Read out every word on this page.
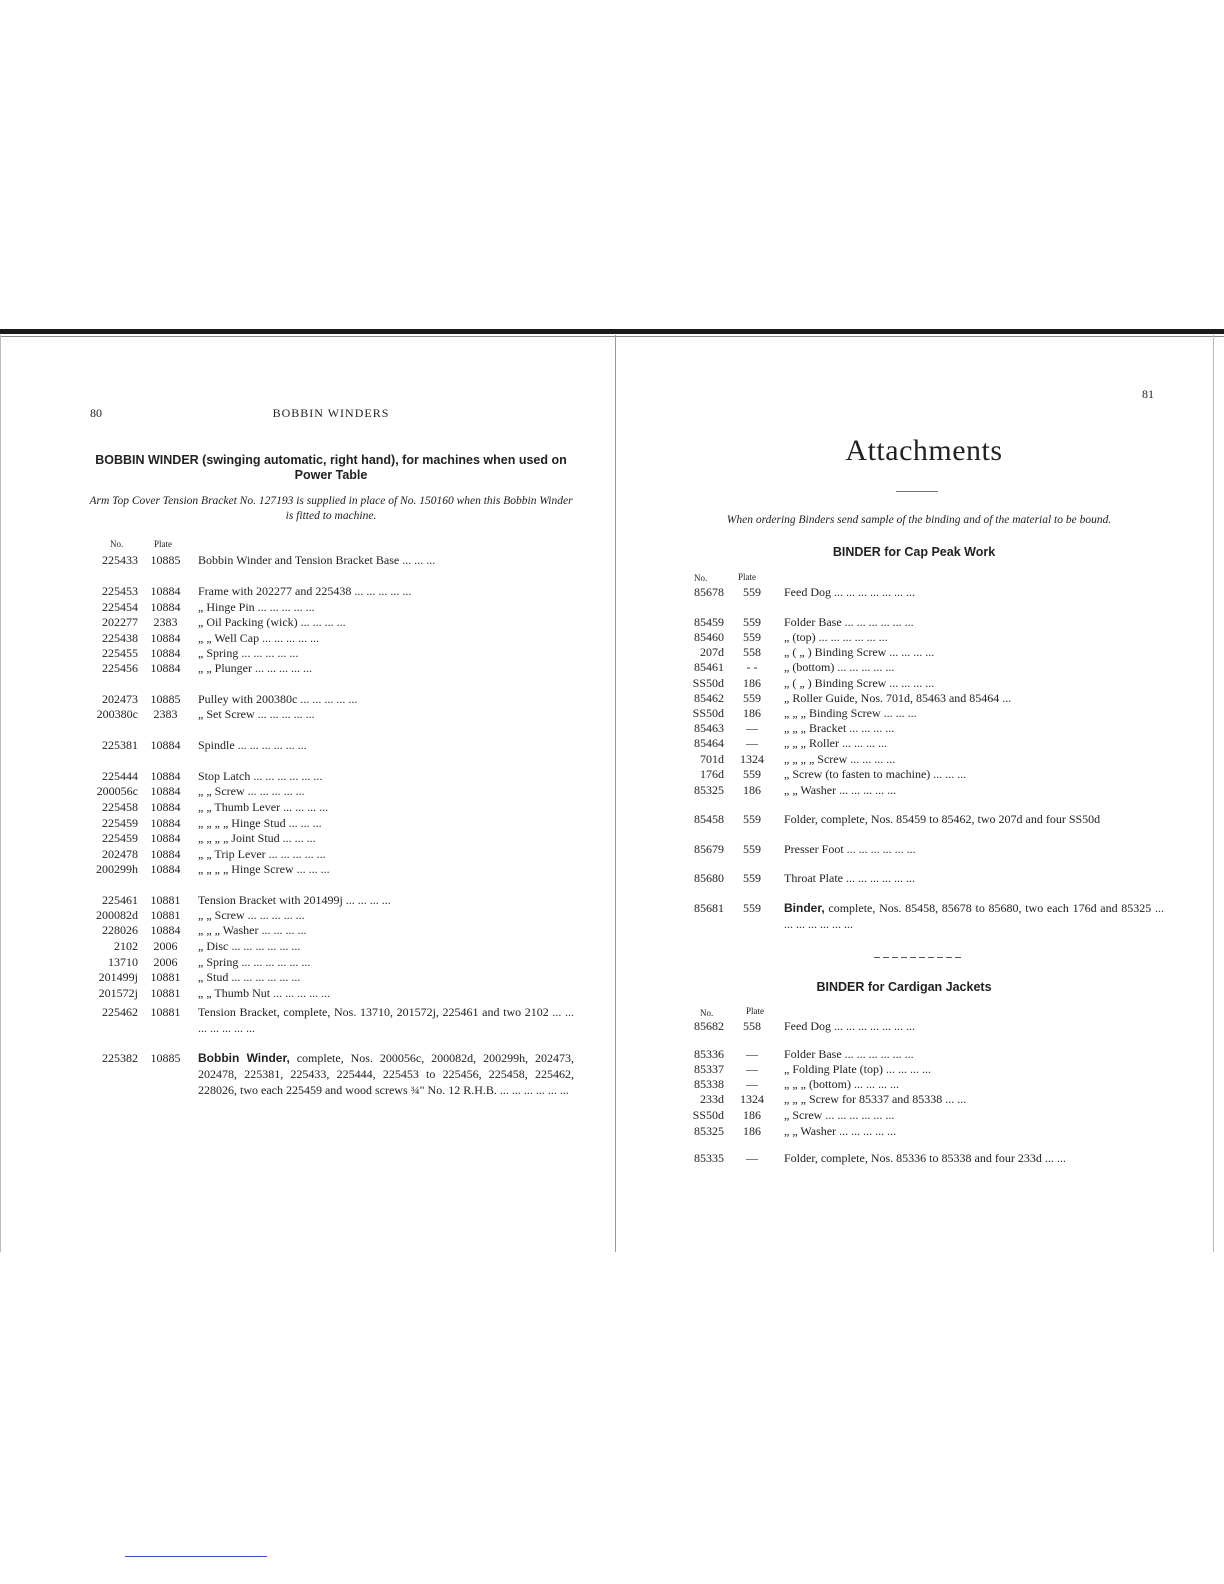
80	BOBBIN WINDERS
BOBBIN WINDER (swinging automatic, right hand), for machines when used on Power Table
Arm Top Cover Tension Bracket No. 127193 is supplied in place of No. 150160 when this Bobbin Winder is fitted to machine.
No.	Plate
225433	10885	Bobbin Winder and Tension Bracket Base ... ... ...
225453	10884	Frame with 202277 and 225438 ... ... ... ... ...
225454	10884	„ Hinge Pin ... ... ... ... ...
202277	2383	„ Oil Packing (wick) ... ... ... ...
225438	10884	„ „ Well Cap ... ... ... ... ...
225455	10884	„ Spring ... ... ... ... ...
225456	10884	„ „ Plunger ... ... ... ... ...
202473	10885	Pulley with 200380c ... ... ... ... ...
200380c	2383	„ Set Screw ... ... ... ... ...
225381	10884	Spindle ... ... ... ... ... ...
225444	10884	Stop Latch ... ... ... ... ... ...
200056c	10884	„ „ Screw ... ... ... ... ...
225458	10884	„ „ Thumb Lever ... ... ... ...
225459	10884	„ „ „ „ Hinge Stud ... ... ...
225459	10884	„ „ „ „ Joint Stud ... ... ...
202478	10884	„ „ Trip Lever ... ... ... ... ...
200299h	10884	„ „ „ „ Hinge Screw ... ... ...
225461	10881	Tension Bracket with 201499j ... ... ... ...
200082d	10881	„ „ Screw ... ... ... ... ...
228026	10884	„ „ „ Washer ... ... ... ...
2102	2006	„ Disc ... ... ... ... ... ...
13710	2006	„ Spring ... ... ... ... ... ...
201499j	10881	„ Stud ... ... ... ... ... ...
201572j	10881	„ „ Thumb Nut ... ... ... ... ...
225462	10881	Tension Bracket, complete, Nos. 13710, 201572j, 225461 and two 2102 ... ... ... ... ... ... ...
225382	10885	Bobbin Winder, complete, Nos. 200056c, 200082d, 200299h, 202473, 202478, 225381, 225433, 225444, 225453 to 225456, 225458, 225462, 228026, two each 225459 and wood screws ¾" No. 12 R.H.B. ... ... ... ... ... ...
81
Attachments
When ordering Binders send sample of the binding and of the material to be bound.
BINDER for Cap Peak Work
No.	Plate
85678	559	Feed Dog ... ... ... ... ... ... ...
85459	559	Folder Base ... ... ... ... ... ...
85460	559	„ (top) ... ... ... ... ... ...
207d	558	„ ( „ ) Binding Screw ... ... ... ...
85461	- -	„ (bottom) ... ... ... ... ...
SS50d	186	„ ( „ ) Binding Screw ... ... ... ...
85462	559	„ Roller Guide, Nos. 701d, 85463 and 85464 ...
SS50d	186	„ „ „ Binding Screw ... ... ...
85463	—	„ „ „ Bracket ... ... ... ...
85464	—	„ „ „ Roller ... ... ... ...
701d	1324	„ „ „ „ Screw ... ... ... ...
176d	559	„ Screw (to fasten to machine) ... ... ...
85325	186	„ „ Washer ... ... ... ... ...
85458	559	Folder, complete, Nos. 85459 to 85462, two 207d and four SS50d
85679	559	Presser Foot ... ... ... ... ... ...
85680	559	Throat Plate ... ... ... ... ... ...
85681	559	Binder, complete, Nos. 85458, 85678 to 85680, two each 176d and 85325 ... ... ... ... ... ... ...
BINDER for Cardigan Jackets
No.	Plate
85682	558	Feed Dog ... ... ... ... ... ... ...
85336	—	Folder Base ... ... ... ... ... ...
85337	—	„ Folding Plate (top) ... ... ... ...
85338	—	„ „ „ (bottom) ... ... ... ...
233d	1324	„ „ „ Screw for 85337 and 85338 ... ...
SS50d	186	„ Screw ... ... ... ... ... ...
85325	186	„ „ Washer ... ... ... ... ...
85335	—	Folder, complete, Nos. 85336 to 85338 and four 233d ... ...
